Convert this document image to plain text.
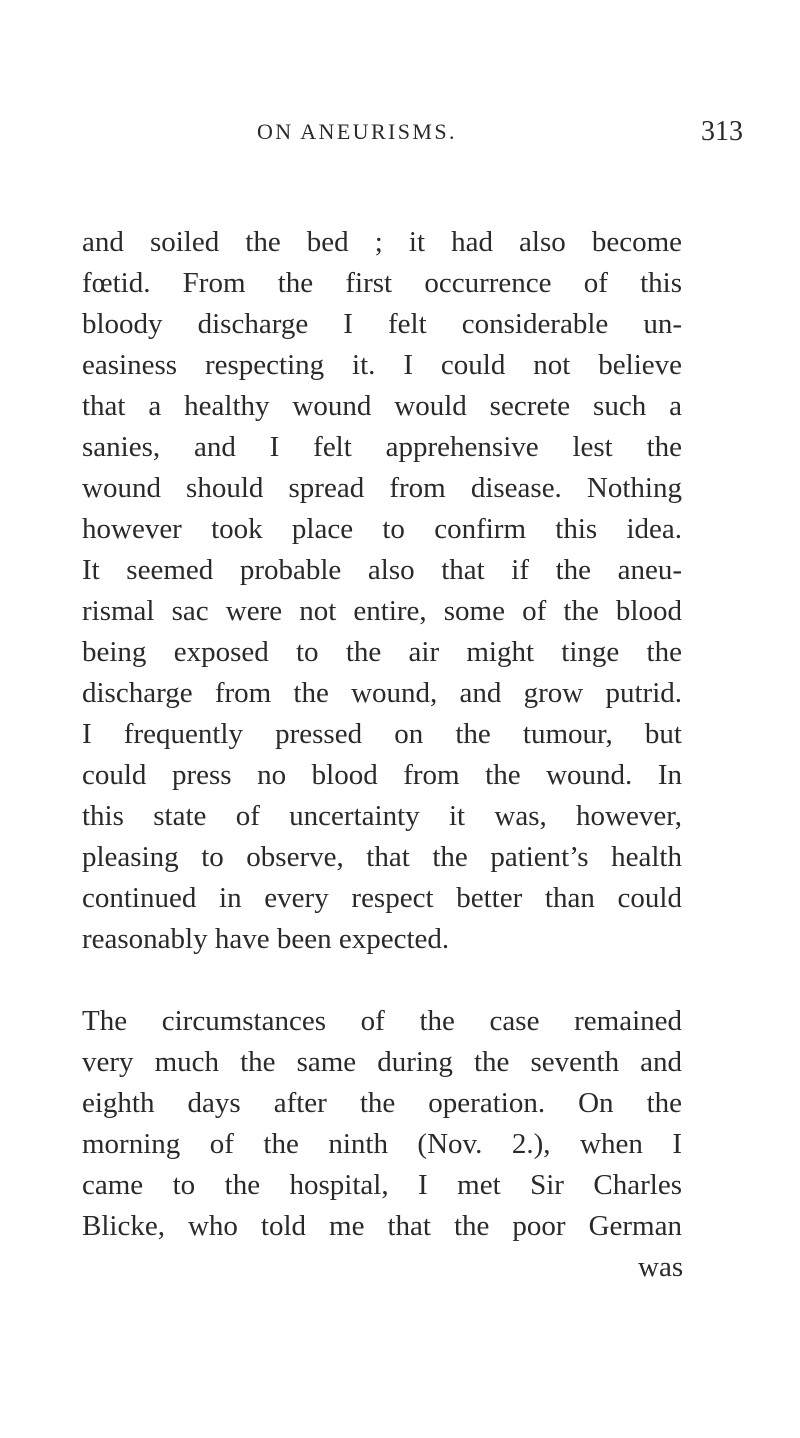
ON ANEURISMS.	313
and soiled the bed ; it had also become
fœtid. From the first occurrence of this
bloody discharge I felt considerable un-
easiness respecting it. I could not believe
that a healthy wound would secrete such a
sanies, and I felt apprehensive lest the
wound should spread from disease. Nothing
however took place to confirm this idea.
It seemed probable also that if the aneu-
rismal sac were not entire, some of the blood
being exposed to the air might tinge the
discharge from the wound, and grow putrid.
I frequently pressed on the tumour, but
could press no blood from the wound. In
this state of uncertainty it was, however,
pleasing to observe, that the patient’s health
continued in every respect better than could
reasonably have been expected.
The circumstances of the case remained
very much the same during the seventh and
eighth days after the operation. On the
morning of the ninth (Nov. 2.), when I
came to the hospital, I met Sir Charles
Blicke, who told me that the poor German
was
